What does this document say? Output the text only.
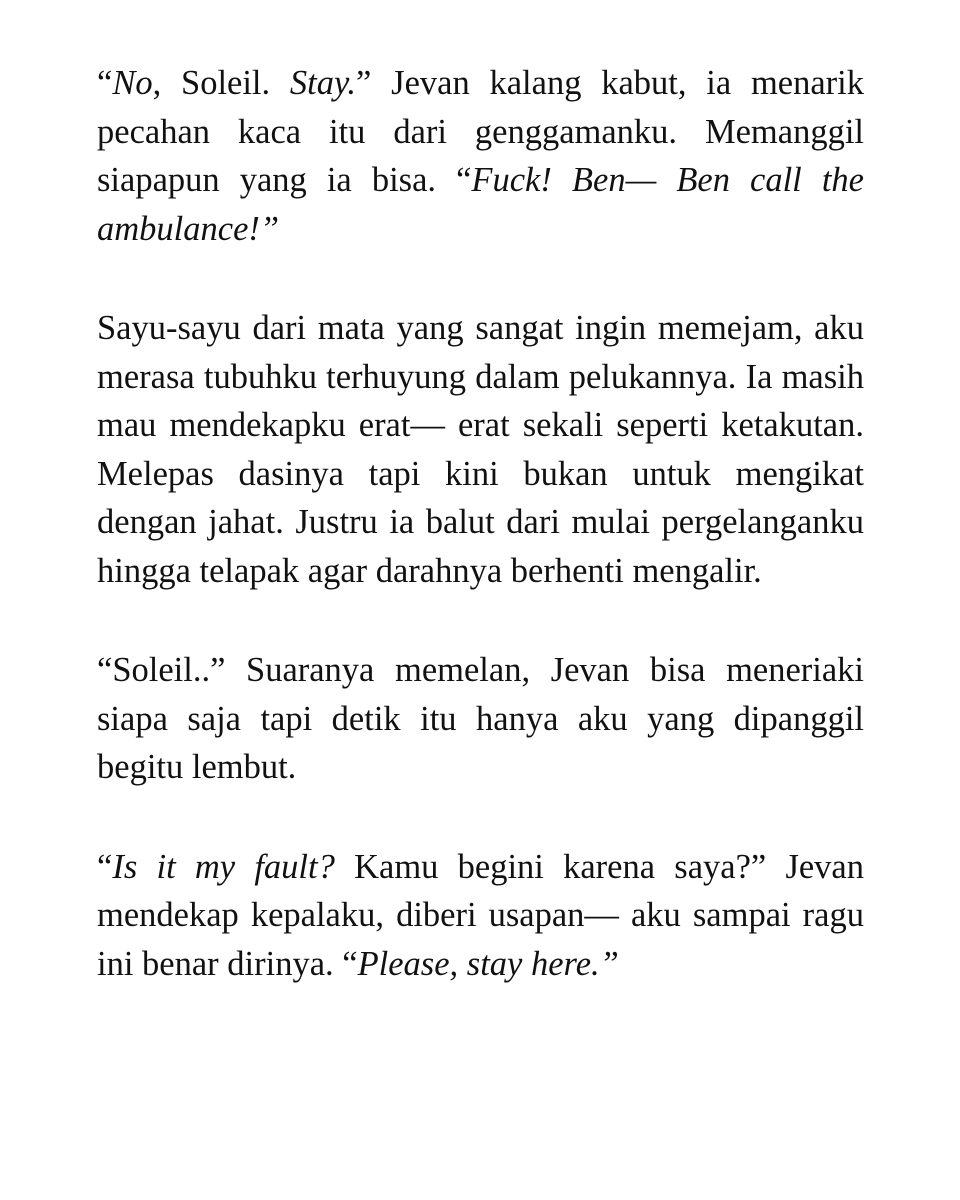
“No, Soleil. Stay.” Jevan kalang kabut, ia menarik pecahan kaca itu dari genggamanku. Memanggil siapapun yang ia bisa. “Fuck! Ben— Ben call the ambulance!”

Sayu-sayu dari mata yang sangat ingin memejam, aku merasa tubuhku terhuyung dalam pelukannya. Ia masih mau mendekapku erat— erat sekali seperti ketakutan. Melepas dasinya tapi kini bukan untuk mengikat dengan jahat. Justru ia balut dari mulai pergelanganku hingga telapak agar darahnya berhenti mengalir.

“Soleil..” Suaranya memelan, Jevan bisa meneriaki siapa saja tapi detik itu hanya aku yang dipanggil begitu lembut.

“Is it my fault? Kamu begini karena saya?” Jevan mendekap kepalaku, diberi usapan— aku sampai ragu ini benar dirinya. “Please, stay here.”
